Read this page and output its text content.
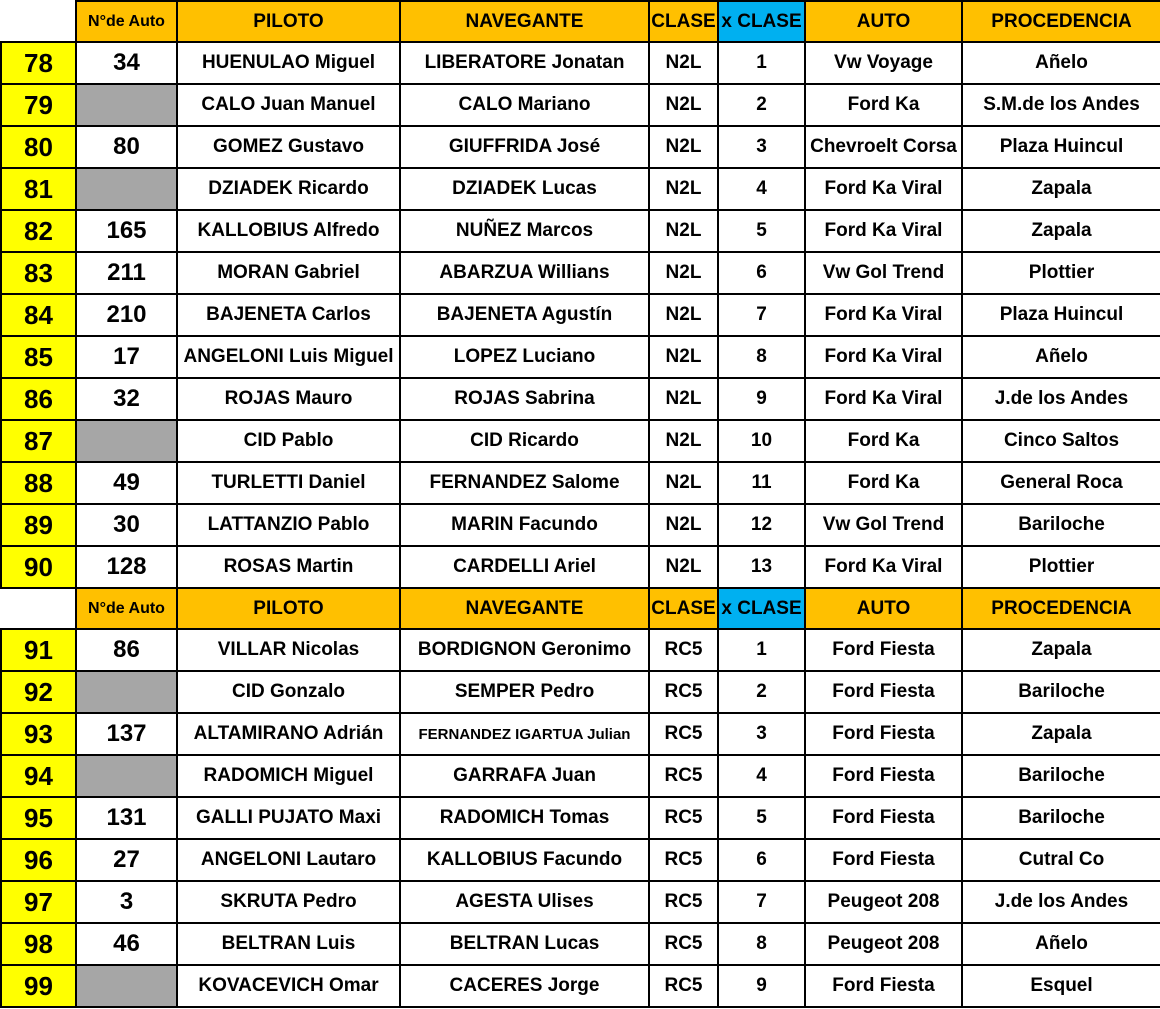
	N°de Auto	PILOTO	NAVEGANTE	CLASE	x CLASE	AUTO	PROCEDENCIA
78	34	HUENULAO Miguel	LIBERATORE Jonatan	N2L	1	Vw Voyage	Añelo
79		CALO Juan Manuel	CALO Mariano	N2L	2	Ford Ka	S.M.de los Andes
80	80	GOMEZ Gustavo	GIUFFRIDA José	N2L	3	Chevroelt Corsa	Plaza Huincul
81		DZIADEK Ricardo	DZIADEK Lucas	N2L	4	Ford Ka Viral	Zapala
82	165	KALLOBIUS Alfredo	NUÑEZ Marcos	N2L	5	Ford Ka Viral	Zapala
83	211	MORAN Gabriel	ABARZUA Willians	N2L	6	Vw Gol Trend	Plottier
84	210	BAJENETA Carlos	BAJENETA Agustín	N2L	7	Ford Ka Viral	Plaza Huincul
85	17	ANGELONI Luis Miguel	LOPEZ Luciano	N2L	8	Ford Ka Viral	Añelo
86	32	ROJAS Mauro	ROJAS Sabrina	N2L	9	Ford Ka Viral	J.de los Andes
87		CID Pablo	CID Ricardo	N2L	10	Ford Ka	Cinco Saltos
88	49	TURLETTI Daniel	FERNANDEZ Salome	N2L	11	Ford Ka	General Roca
89	30	LATTANZIO Pablo	MARIN Facundo	N2L	12	Vw Gol Trend	Bariloche
90	128	ROSAS Martin	CARDELLI Ariel	N2L	13	Ford Ka Viral	Plottier
	N°de Auto	PILOTO	NAVEGANTE	CLASE	x CLASE	AUTO	PROCEDENCIA
91	86	VILLAR Nicolas	BORDIGNON Geronimo	RC5	1	Ford Fiesta	Zapala
92		CID Gonzalo	SEMPER Pedro	RC5	2	Ford Fiesta	Bariloche
93	137	ALTAMIRANO Adrián	FERNANDEZ IGARTUA Julian	RC5	3	Ford Fiesta	Zapala
94		RADOMICH Miguel	GARRAFA Juan	RC5	4	Ford Fiesta	Bariloche
95	131	GALLI PUJATO Maxi	RADOMICH Tomas	RC5	5	Ford Fiesta	Bariloche
96	27	ANGELONI Lautaro	KALLOBIUS Facundo	RC5	6	Ford Fiesta	Cutral Co
97	3	SKRUTA Pedro	AGESTA Ulises	RC5	7	Peugeot 208	J.de los Andes
98	46	BELTRAN Luis	BELTRAN Lucas	RC5	8	Peugeot 208	Añelo
99		KOVACEVICH Omar	CACERES Jorge	RC5	9	Ford Fiesta	Esquel
